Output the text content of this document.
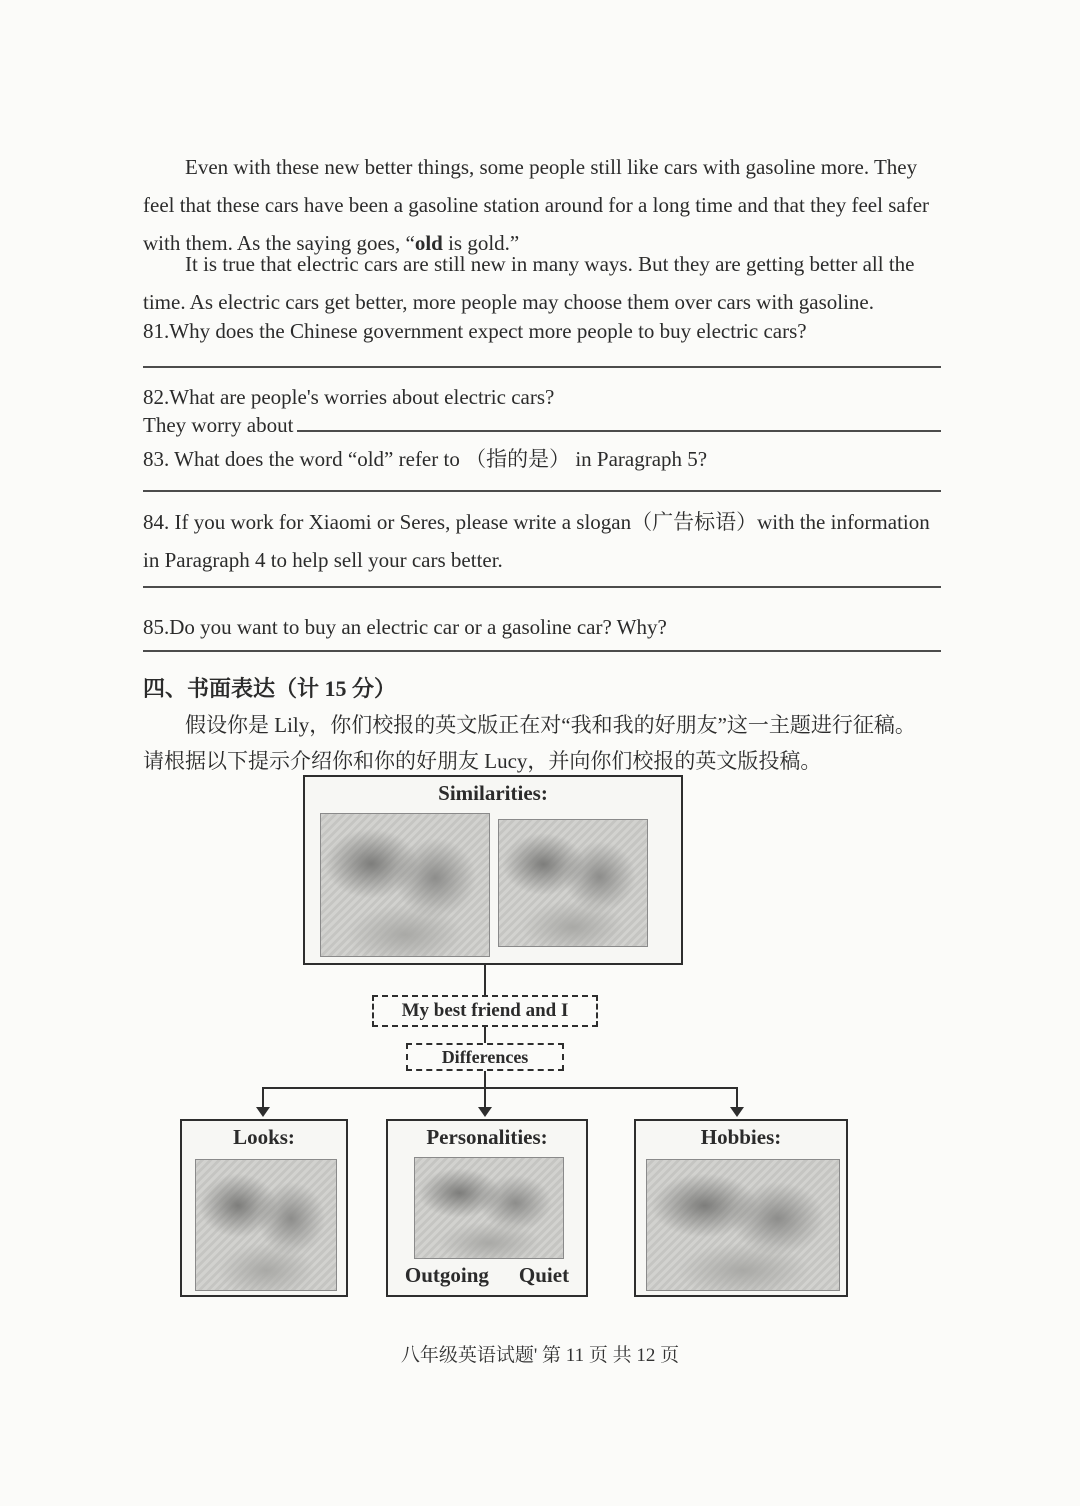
Even with these new better things, some people still like cars with gasoline more. They feel that these cars have been a gasoline station around for a long time and that they feel safer with them. As the saying goes, “old is gold.”

It is true that electric cars are still new in many ways. But they are getting better all the time. As electric cars get better, more people may choose them over cars with gasoline.

81.Why does the Chinese government expect more people to buy electric cars?

82.What are people's worries about electric cars?

They worry about

83. What does the word “old” refer to （指的是） in Paragraph 5?

84. If you work for Xiaomi or Seres, please write a slogan（广告标语）with the information in Paragraph 4 to help sell your cars better.

85.Do you want to buy an electric car or a gasoline car? Why?

四、书面表达（计 15 分）

假设你是 Lily，你们校报的英文版正在对“我和我的好朋友”这一主题进行征稿。

请根据以下提示介绍你和你的好朋友 Lucy，并向你们校报的英文版投稿。

Similarities:
My best friend and I
Differences
Looks:	Personalities:
Outgoing Quiet
Hobbies:
八年级英语试题' 第 11 页 共 12 页
